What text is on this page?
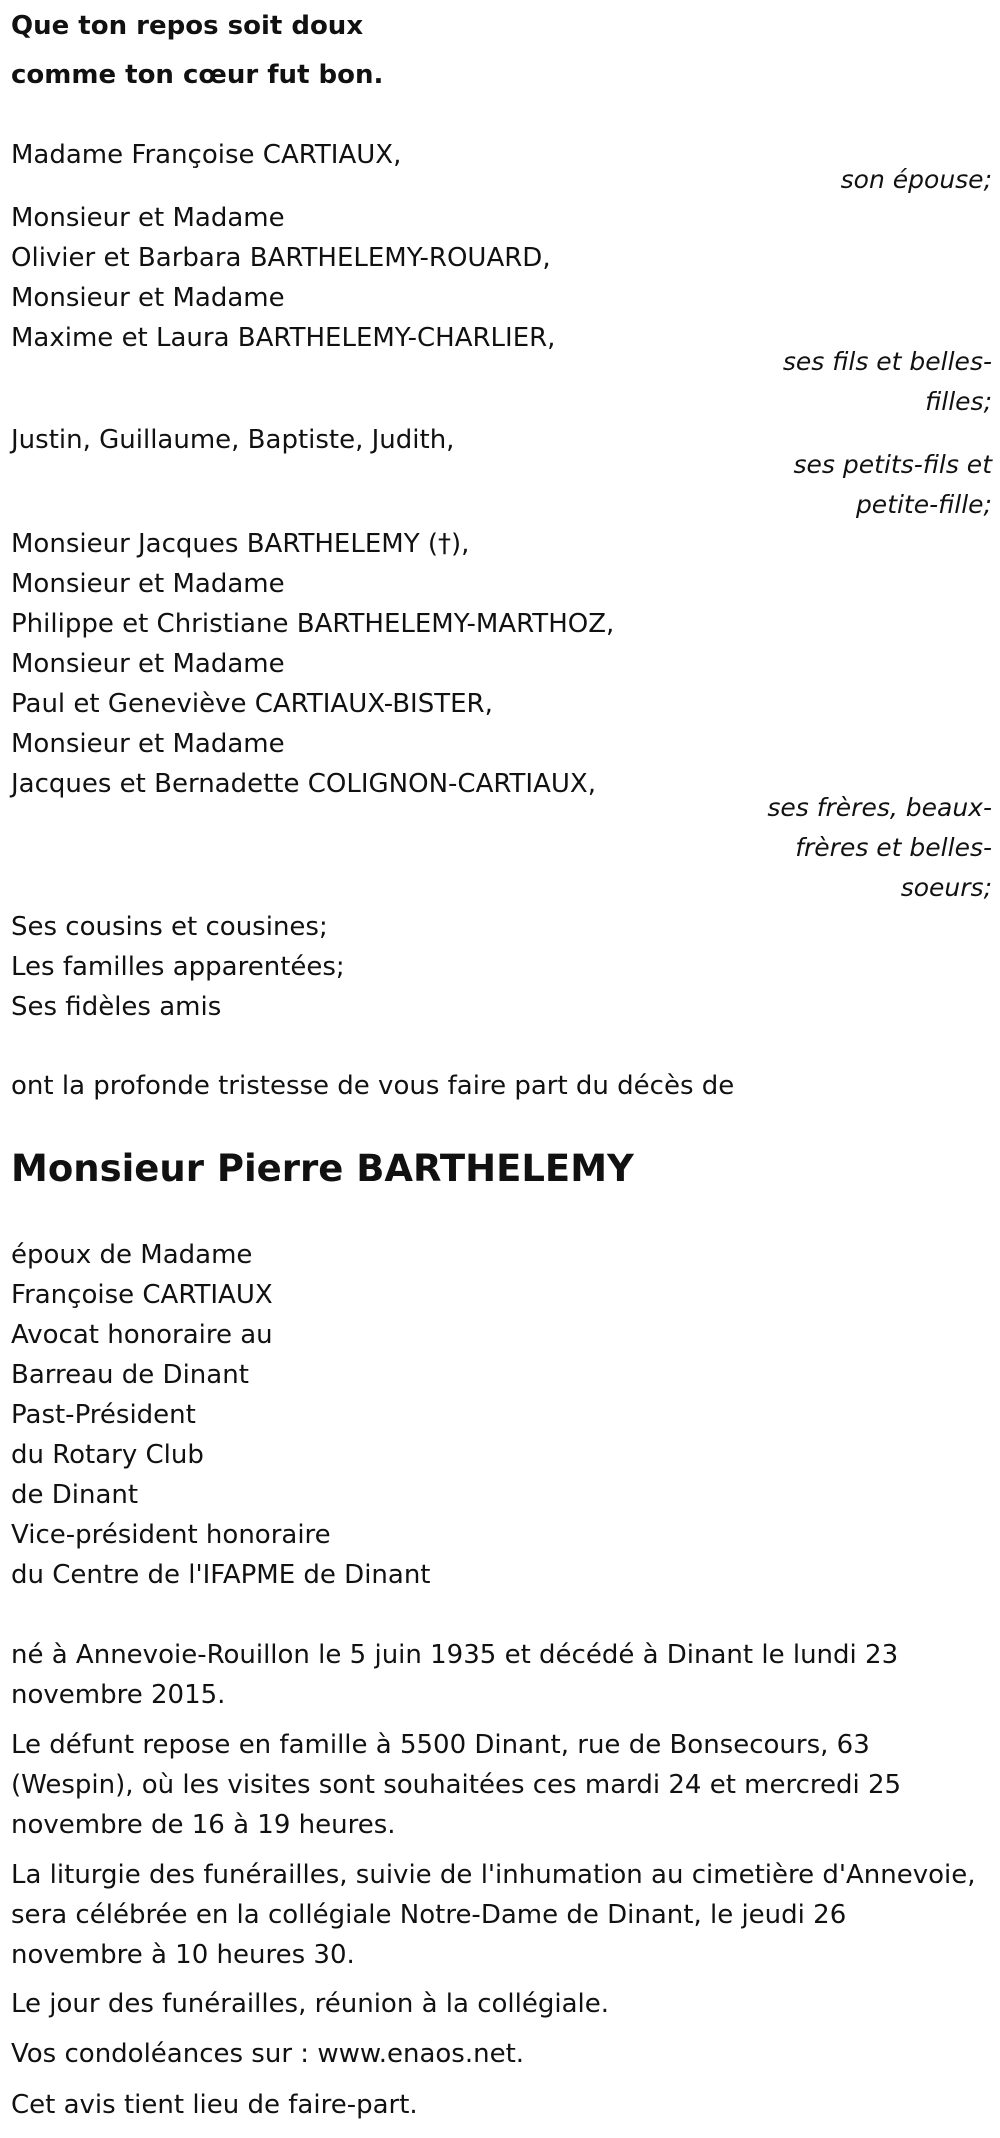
Que ton repos soit doux
comme ton cœur fut bon.
Madame Françoise CARTIAUX,
son épouse;
Monsieur et Madame
Olivier et Barbara BARTHELEMY-ROUARD,
Monsieur et Madame
Maxime et Laura BARTHELEMY-CHARLIER,
ses fils et belles-
filles;
Justin, Guillaume, Baptiste, Judith,
ses petits-fils et
petite-fille;
Monsieur Jacques BARTHELEMY (†),
Monsieur et Madame
Philippe et Christiane BARTHELEMY-MARTHOZ,
Monsieur et Madame
Paul et Geneviève CARTIAUX-BISTER,
Monsieur et Madame
Jacques et Bernadette COLIGNON-CARTIAUX,
ses frères, beaux-
frères et belles-
soeurs;
Ses cousins et cousines;
Les familles apparentées;
Ses fidèles amis
ont la profonde tristesse de vous faire part du décès de
Monsieur Pierre BARTHELEMY
époux de Madame
Françoise CARTIAUX
Avocat honoraire au
Barreau de Dinant
Past-Président
du Rotary Club
de Dinant
Vice-président honoraire
du Centre de l'IFAPME de Dinant
né à Annevoie-Rouillon le 5 juin 1935 et décédé à Dinant le lundi 23
novembre 2015.
Le défunt repose en famille à 5500 Dinant, rue de Bonsecours, 63
(Wespin), où les visites sont souhaitées ces mardi 24 et mercredi 25
novembre de 16 à 19 heures.
La liturgie des funérailles, suivie de l'inhumation au cimetière d'Annevoie,
sera célébrée en la collégiale Notre-Dame de Dinant, le jeudi 26
novembre à 10 heures 30.
Le jour des funérailles, réunion à la collégiale.
Vos condoléances sur : www.enaos.net.
Cet avis tient lieu de faire-part.
